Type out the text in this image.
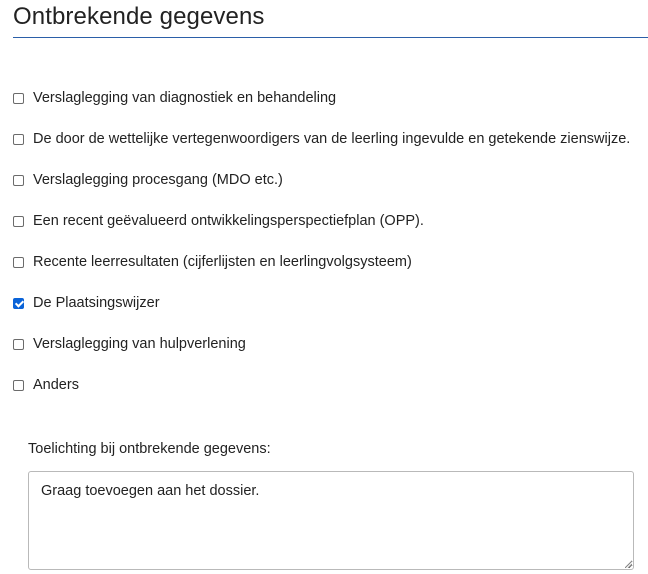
Ontbrekende gegevens
Verslaglegging van diagnostiek en behandeling
De door de wettelijke vertegenwoordigers van de leerling ingevulde en getekende zienswijze.
Verslaglegging procesgang (MDO etc.)
Een recent geëvalueerd ontwikkelingsperspectiefplan (OPP).
Recente leerresultaten (cijferlijsten en leerlingvolgsysteem)
De Plaatsingswijzer
Verslaglegging van hulpverlening
Anders
Toelichting bij ontbrekende gegevens:
Graag toevoegen aan het dossier.
